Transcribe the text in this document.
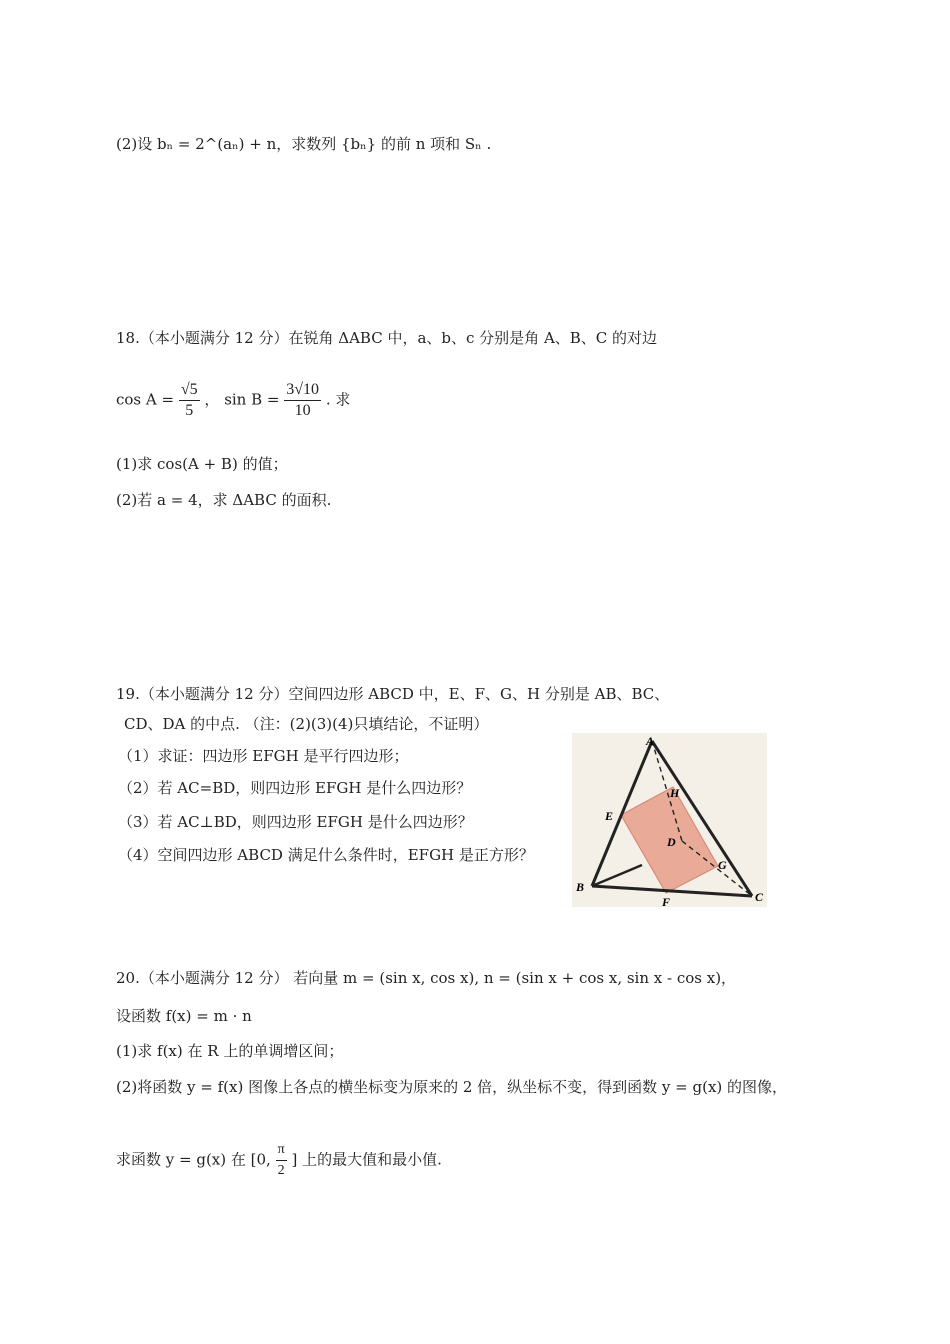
(2)设 bₙ = 2^(aₙ) + n，求数列 {bₙ} 的前 n 项和 Sₙ .
18.（本小题满分 12 分）在锐角 ΔABC 中，a、b、c 分别是角 A、B、C 的对边
$\cos A = \frac{√5}{5}$ ， $\sin B = \frac{3√10}{10}$ . 求
(1)求 cos(A + B) 的值；
(2)若 a = 4，求 ΔABC 的面积.
19.（本小题满分 12 分）空间四边形 ABCD 中，E、F、G、H 分别是 AB、BC、
CD、DA 的中点. （注：(2)(3)(4)只填结论，不证明）
（1）求证：四边形 EFGH 是平行四边形；
（2）若 AC=BD，则四边形 EFGH 是什么四边形？
（3）若 AC⊥BD，则四边形 EFGH 是什么四边形？
（4）空间四边形 ABCD 满足什么条件时，EFGH 是正方形？
A
B
C
D
E
F
G
H
20.（本小题满分 12 分） 若向量 m = (sin x, cos x), n = (sin x + cos x, sin x - cos x)，
设函数 f(x) = m · n
(1)求 f(x) 在 R 上的单调增区间；
(2)将函数 y = f(x) 图像上各点的横坐标变为原来的 2 倍，纵坐标不变，得到函数 y = g(x) 的图像，
求函数 y = g(x) 在 [0, $\frac{\pi}{2}$ ] 上的最大值和最小值.
